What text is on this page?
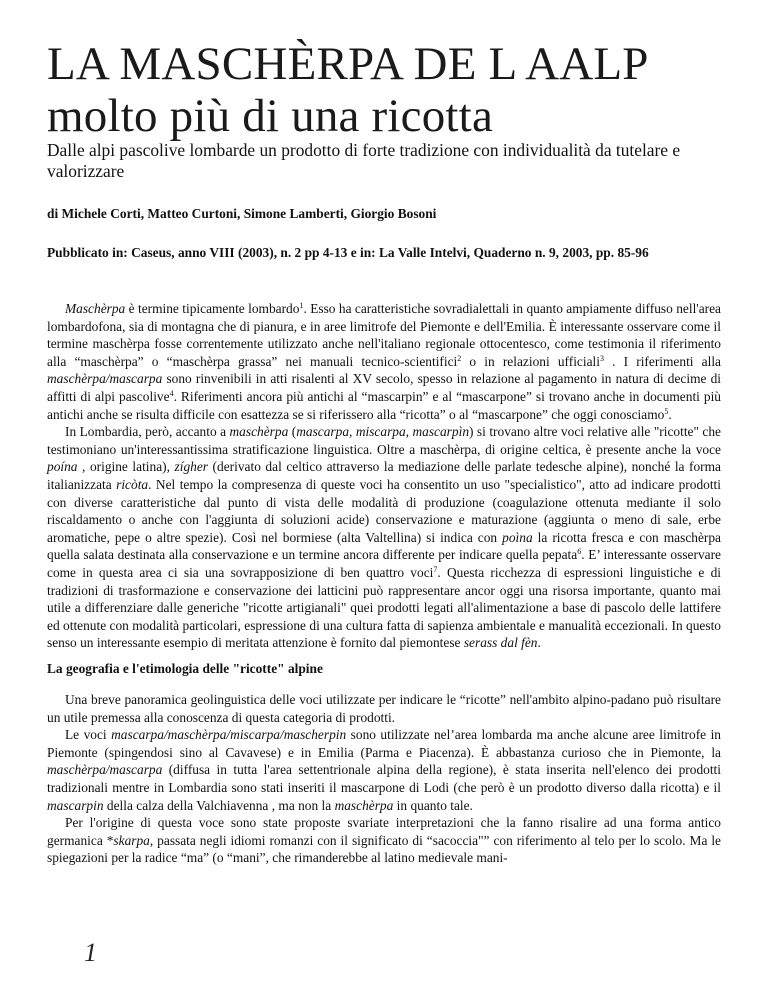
LA MASCHÈRPA DE L AALP
molto più di una ricotta
Dalle alpi pascolive lombarde un prodotto di forte tradizione con individualità da tutelare e valorizzare
di Michele Corti, Matteo Curtoni, Simone Lamberti, Giorgio Bosoni
Pubblicato in: Caseus, anno VIII (2003), n. 2 pp 4-13 e in: La Valle Intelvi, Quaderno n. 9, 2003, pp. 85-96

Maschèrpa è termine tipicamente lombardo$^1$. Esso ha caratteristiche sovradialettali in quanto ampiamente diffuso nell'area lombardofona, sia di montagna che di pianura, e in aree limitrofe del Piemonte e dell'Emilia. È interessante osservare come il termine maschèrpa fosse correntemente utilizzato anche nell'italiano regionale ottocentesco, come testimonia il riferimento alla “maschèrpa” o “maschèrpa grassa” nei manuali tecnico-scientifici$^2$ o in relazioni ufficiali$^3$ . I riferimenti alla maschèrpa/mascarpa sono rinvenibili in atti risalenti al XV secolo, spesso in relazione al pagamento in natura di decime di affitti di alpi pascolive$^4$. Riferimenti ancora più antichi al “mascarpin” e al “mascarpone” si trovano anche in documenti più antichi anche se risulta difficile con esattezza se si riferissero alla “ricotta” o al “mascarpone” che oggi conosciamo$^5$.

In Lombardia, però, accanto a maschèrpa (mascarpa, miscarpa, mascarpìn) si trovano altre voci relative alle "ricotte" che testimoniano un'interessantissima stratificazione linguistica. Oltre a maschèrpa, di origine celtica, è presente anche la voce poína , origine latina), zígher (derivato dal celtico attraverso la mediazione delle parlate tedesche alpine), nonché la forma italianizzata ricòta. Nel tempo la compresenza di queste voci ha consentito un uso "specialistico", atto ad indicare prodotti con diverse caratteristiche dal punto di vista delle modalità di produzione (coagulazione ottenuta mediante il solo riscaldamento o anche con l'aggiunta di soluzioni acide) conservazione e maturazione (aggiunta o meno di sale, erbe aromatiche, pepe o altre spezie). Così nel bormiese (alta Valtellina) si indica con poìna la ricotta fresca e con maschèrpa quella salata destinata alla conservazione e un termine ancora differente per indicare quella pepata$^6$. E’ interessante osservare come in questa area ci sia una sovrapposizione di ben quattro voci$^7$. Questa ricchezza di espressioni linguistiche e di tradizioni di trasformazione e conservazione dei latticini può rappresentare ancor oggi una risorsa importante, quanto mai utile a differenziare dalle generiche "ricotte artigianali" quei prodotti legati all'alimentazione a base di pascolo delle lattifere ed ottenute con modalità particolari, espressione di una cultura fatta di sapienza ambientale e manualità eccezionali. In questo senso un interessante esempio di meritata attenzione è fornito dal piemontese serass dal fèn.

La geografia e l'etimologia delle "ricotte" alpine

Una breve panoramica geolinguistica delle voci utilizzate per indicare le “ricotte” nell'ambito alpino-padano può risultare un utile premessa alla conoscenza di questa categoria di prodotti.

Le voci mascarpa/maschèrpa/miscarpa/mascherpin sono utilizzate nel’area lombarda ma anche alcune aree limitrofe in Piemonte (spingendosi sino al Cavavese) e in Emilia (Parma e Piacenza). È abbastanza curioso che in Piemonte, la maschèrpa/mascarpa (diffusa in tutta l'area settentrionale alpina della regione), è stata inserita nell'elenco dei prodotti tradizionali mentre in Lombardia sono stati inseriti il mascarpone di Lodi (che però è un prodotto diverso dalla ricotta) e il mascarpin della calza della Valchiavenna , ma non la maschèrpa in quanto tale.

Per l'origine di questa voce sono state proposte svariate interpretazioni che la fanno risalire ad una forma antico germanica *skarpa, passata negli idiomi romanzi con il significato di “sacoccia"” con riferimento al telo per lo scolo. Ma le spiegazioni per la radice “ma” (o “mani”, che rimanderebbe al latino medievale mani-

1
